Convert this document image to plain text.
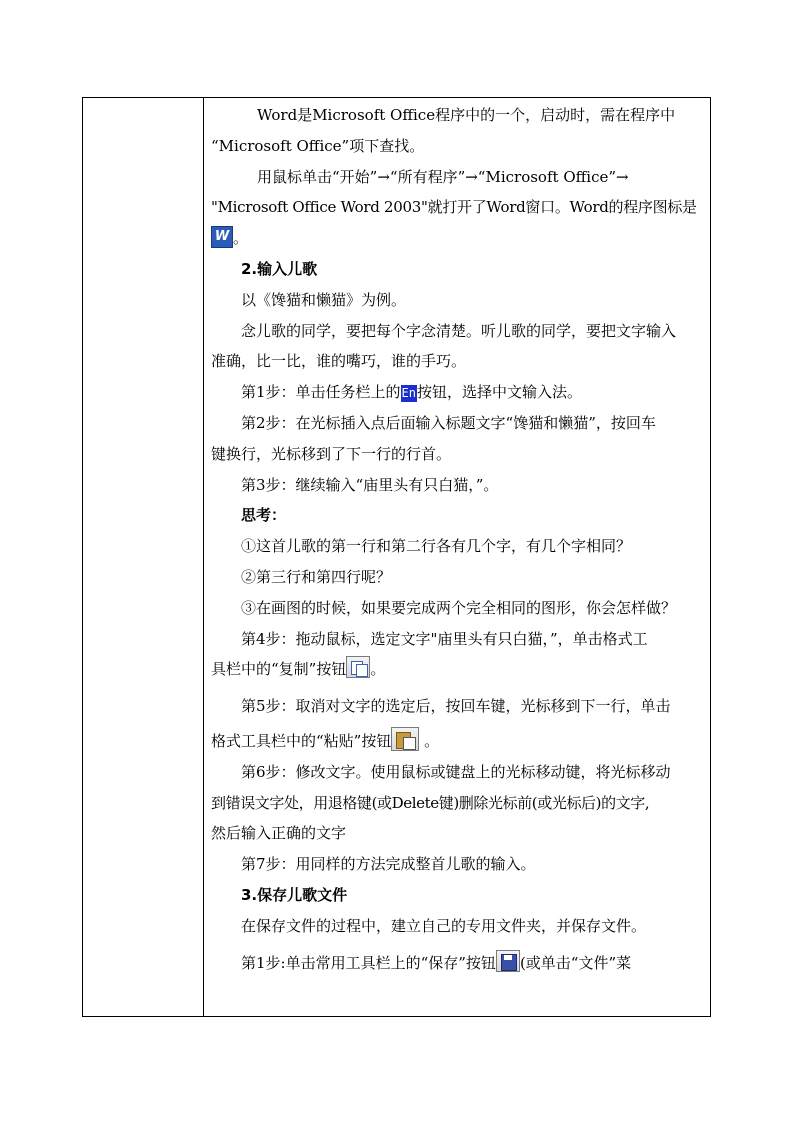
Word是Microsoft Office程序中的一个，启动时，需在程序中

“Microsoft Office”项下查找。

用鼠标单击“开始”→“所有程序”→“Microsoft Office”→

"Microsoft Office Word 2003"就打开了Word窗口。Word的程序图标是

W 。

2.输入儿歌

以《馋猫和懒猫》为例。

念儿歌的同学，要把每个字念清楚。听儿歌的同学，要把文字输入

准确，比一比，谁的嘴巧，谁的手巧。

第1步：单击任务栏上的En按钮，选择中文输入法。

第2步：在光标插入点后面输入标题文字“馋猫和懒猫”，按回车

键换行，光标移到了下一行的行首。

第3步：继续输入“庙里头有只白猫，”。

思考：

①这首儿歌的第一行和第二行各有几个字，有几个字相同？

②第三行和第四行呢？

③在画图的时候，如果要完成两个完全相同的图形，你会怎样做？

第4步：拖动鼠标，选定文字"庙里头有只白猫，”，单击格式工

具栏中的“复制”按钮 。

第5步：取消对文字的选定后，按回车键，光标移到下一行，单击

格式工具栏中的“粘贴”按钮 。

第6步：修改文字。使用鼠标或键盘上的光标移动键，将光标移动

到错误文字处，用退格键(或Delete键)删除光标前(或光标后)的文字,

然后输入正确的文字

第7步：用同样的方法完成整首儿歌的输入。

3.保存儿歌文件

在保存文件的过程中，建立自己的专用文件夹，并保存文件。

第1步:单击常用工具栏上的“保存”按钮 (或单击“文件”菜
